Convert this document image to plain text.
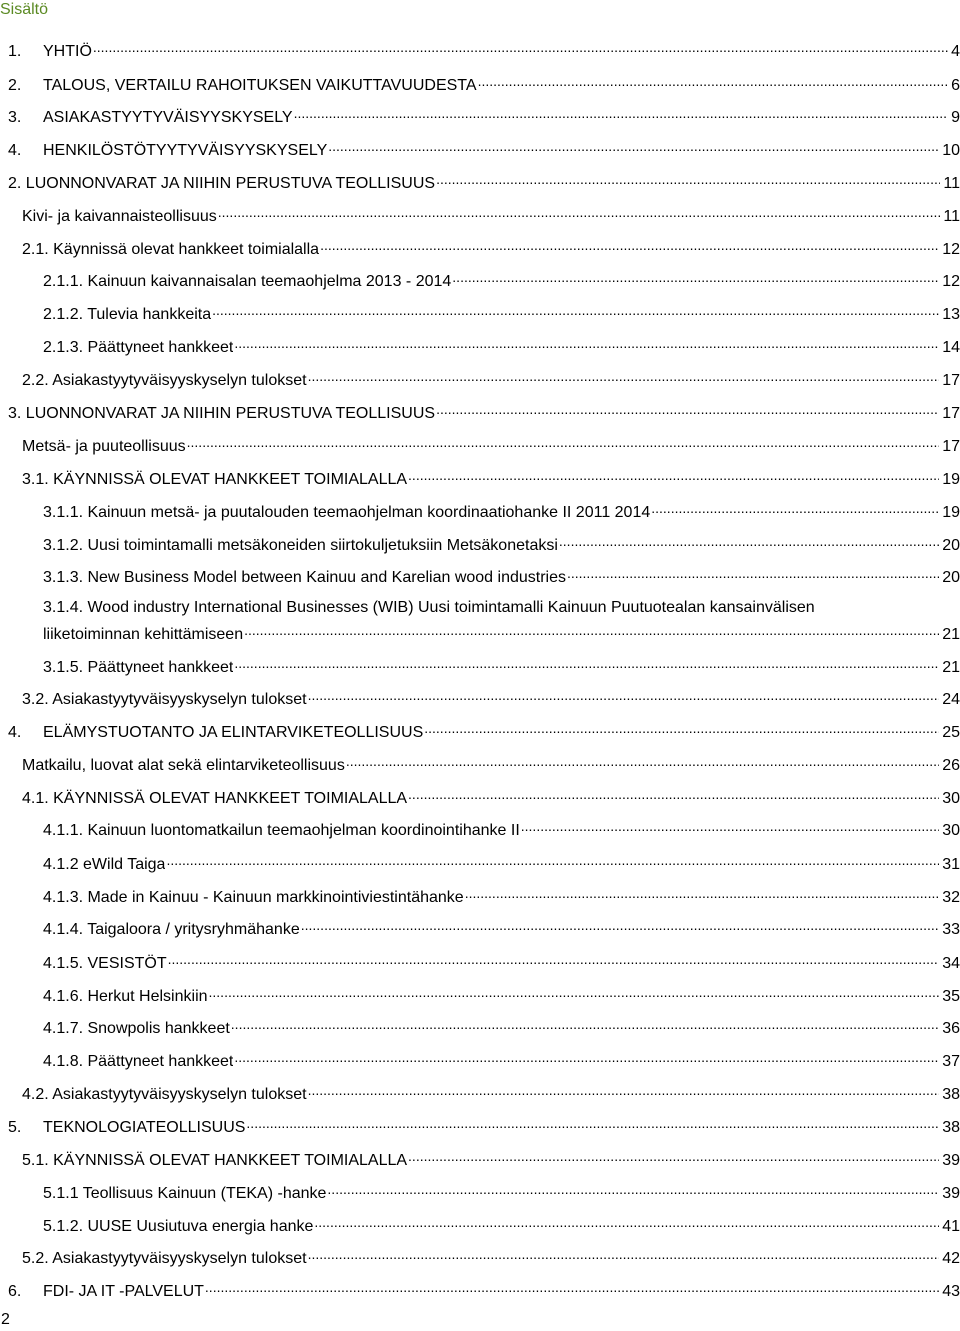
Sisältö
1.	YHTIÖ .....	4
2.	TALOUS, VERTAILU RAHOITUKSEN VAIKUTTAVUUDESTA .....	6
3.	ASIAKASTYYTYVÄISYYSKYSELY .....	9
4.	HENKILÖSTÖTYYTYVÄISYYSKYSELY .....	10
2. LUONNONVARAT JA NIIHIN PERUSTUVA TEOLLISUUS .....	11
Kivi- ja kaivannaisteollisuus .....	11
2.1. Käynnissä olevat hankkeet toimialalla .....	12
2.1.1. Kainuun kaivannaisalan teemaohjelma 2013 - 2014 .....	12
2.1.2. Tulevia hankkeita .....	13
2.1.3. Päättyneet hankkeet .....	14
2.2. Asiakastyytyväisyyskyselyn tulokset .....	17
3. LUONNONVARAT JA NIIHIN PERUSTUVA TEOLLISUUS .....	17
Metsä- ja puuteollisuus .....	17
3.1. KÄYNNISSÄ OLEVAT HANKKEET TOIMIALALLA .....	19
3.1.1. Kainuun metsä- ja puutalouden teemaohjelman koordinaatiohanke II 2011 2014 .....	19
3.1.2. Uusi toimintamalli metsäkoneiden siirtokuljetuksiin Metsäkonetaksi .....	20
3.1.3. New Business Model between Kainuu and Karelian wood industries .....	20
3.1.4. Wood industry International Businesses (WIB) Uusi toimintamalli Kainuun Puutuotealan kansainvälisen
liiketoiminnan kehittämiseen .....	21
3.1.5. Päättyneet hankkeet .....	21
3.2. Asiakastyytyväisyyskyselyn tulokset .....	24
4.	ELÄMYSTUOTANTO JA ELINTARVIKETEOLLISUUS .....	25
Matkailu, luovat alat sekä elintarviketeollisuus .....	26
4.1. KÄYNNISSÄ OLEVAT HANKKEET TOIMIALALLA .....	30
4.1.1. Kainuun luontomatkailun teemaohjelman koordinointihanke II .....	30
4.1.2 eWild Taiga .....	31
4.1.3. Made in Kainuu - Kainuun markkinointiviestintähanke .....	32
4.1.4. Taigaloora / yritysryhmähanke .....	33
4.1.5. VESISTÖT .....	34
4.1.6. Herkut Helsinkiin .....	35
4.1.7. Snowpolis hankkeet .....	36
4.1.8. Päättyneet hankkeet .....	37
4.2. Asiakastyytyväisyyskyselyn tulokset .....	38
5.	TEKNOLOGIATEOLLISUUS .....	38
5.1. KÄYNNISSÄ OLEVAT HANKKEET TOIMIALALLA .....	39
5.1.1 Teollisuus Kainuun (TEKA) -hanke .....	39
5.1.2. UUSE Uusiutuva energia hanke .....	41
5.2. Asiakastyytyväisyyskyselyn tulokset .....	42
6.	FDI- JA IT -PALVELUT .....	43
2
